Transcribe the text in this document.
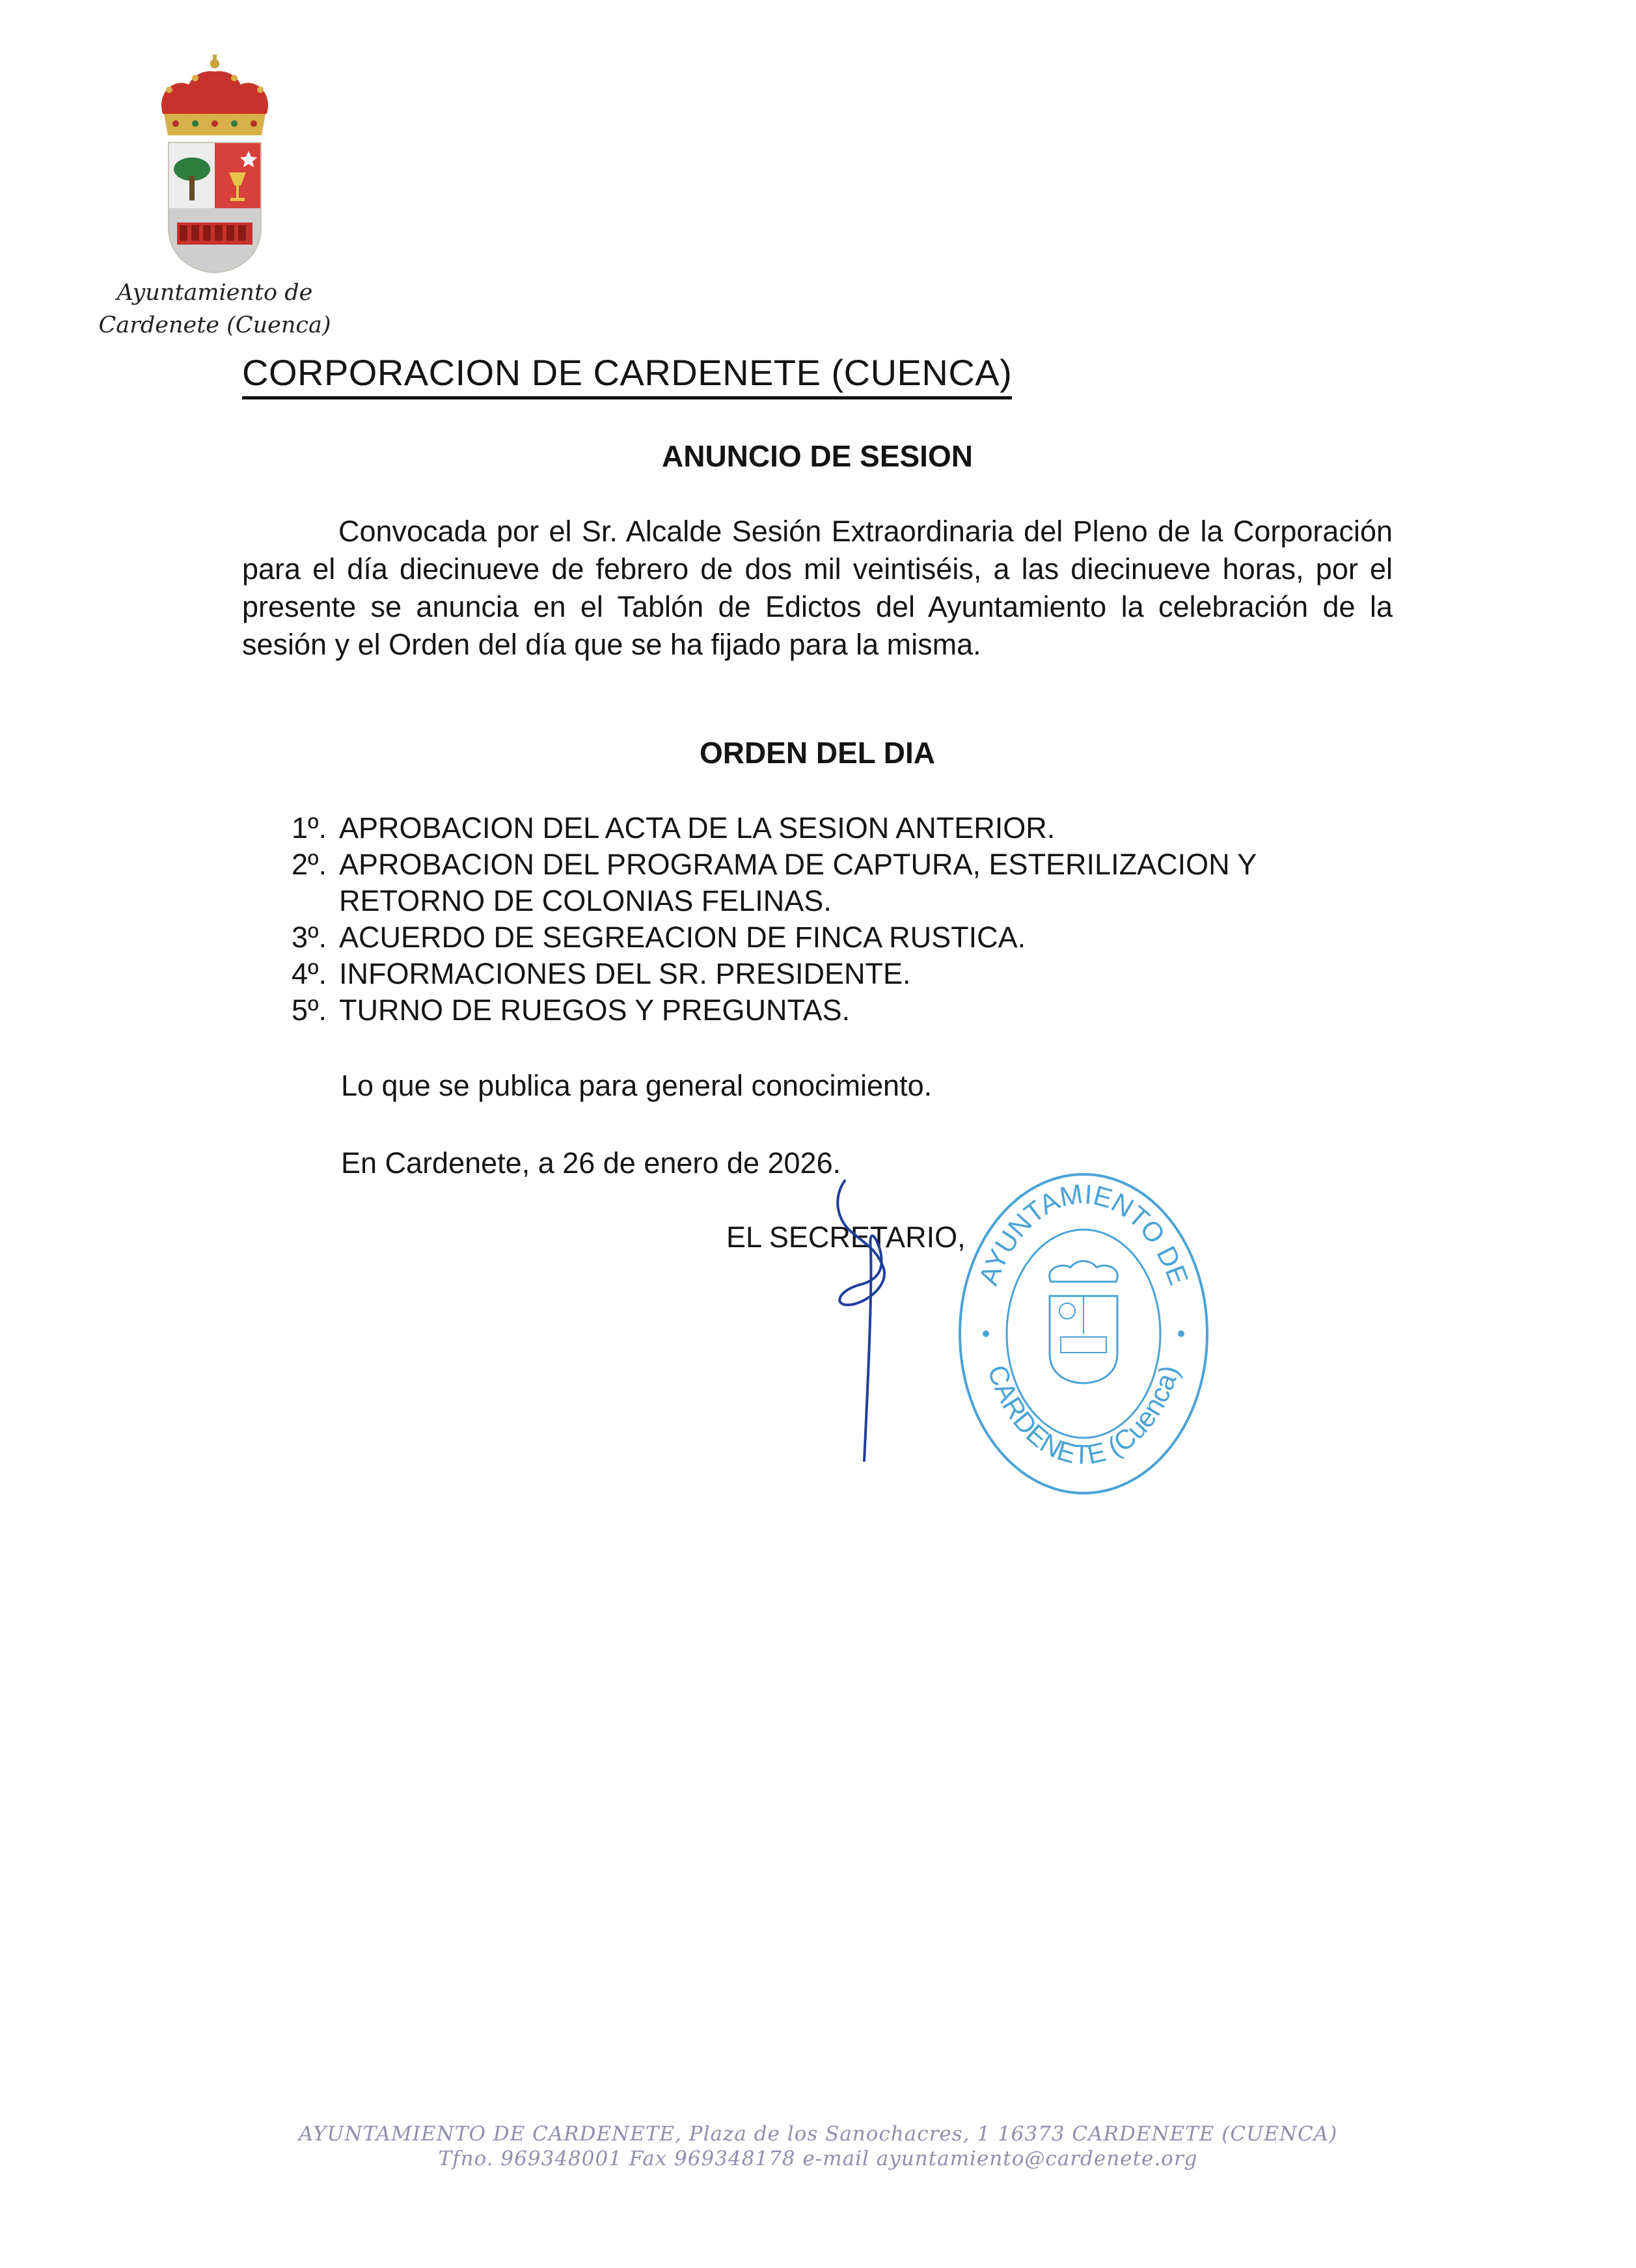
Ayuntamiento de
Cardenete (Cuenca)
CORPORACION DE CARDENETE (CUENCA)
ANUNCIO DE SESION
Convocada por el Sr. Alcalde Sesión Extraordinaria del Pleno de la Corporación para el día diecinueve de febrero de dos mil veintiséis, a las diecinueve horas, por el presente se anuncia en el Tablón de Edictos del Ayuntamiento la celebración de la sesión y el Orden del día que se ha fijado para la misma.
ORDEN DEL DIA
1º. APROBACION DEL ACTA DE LA SESION ANTERIOR.
2º. APROBACION DEL PROGRAMA DE CAPTURA, ESTERILIZACION Y RETORNO DE COLONIAS FELINAS.
3º. ACUERDO DE SEGREACION DE FINCA RUSTICA.
4º. INFORMACIONES DEL SR. PRESIDENTE.
5º. TURNO DE RUEGOS Y PREGUNTAS.
Lo que se publica para general conocimiento.
En Cardenete, a 26 de enero de 2026.
EL SECRETARIO,
AYUNTAMIENTO DE
CARDENETE (Cuenca)
AYUNTAMIENTO DE CARDENETE, Plaza de los Sanochacres, 1 16373 CARDENETE (CUENCA)
Tfno. 969348001 Fax 969348178 e-mail ayuntamiento@cardenete.org
